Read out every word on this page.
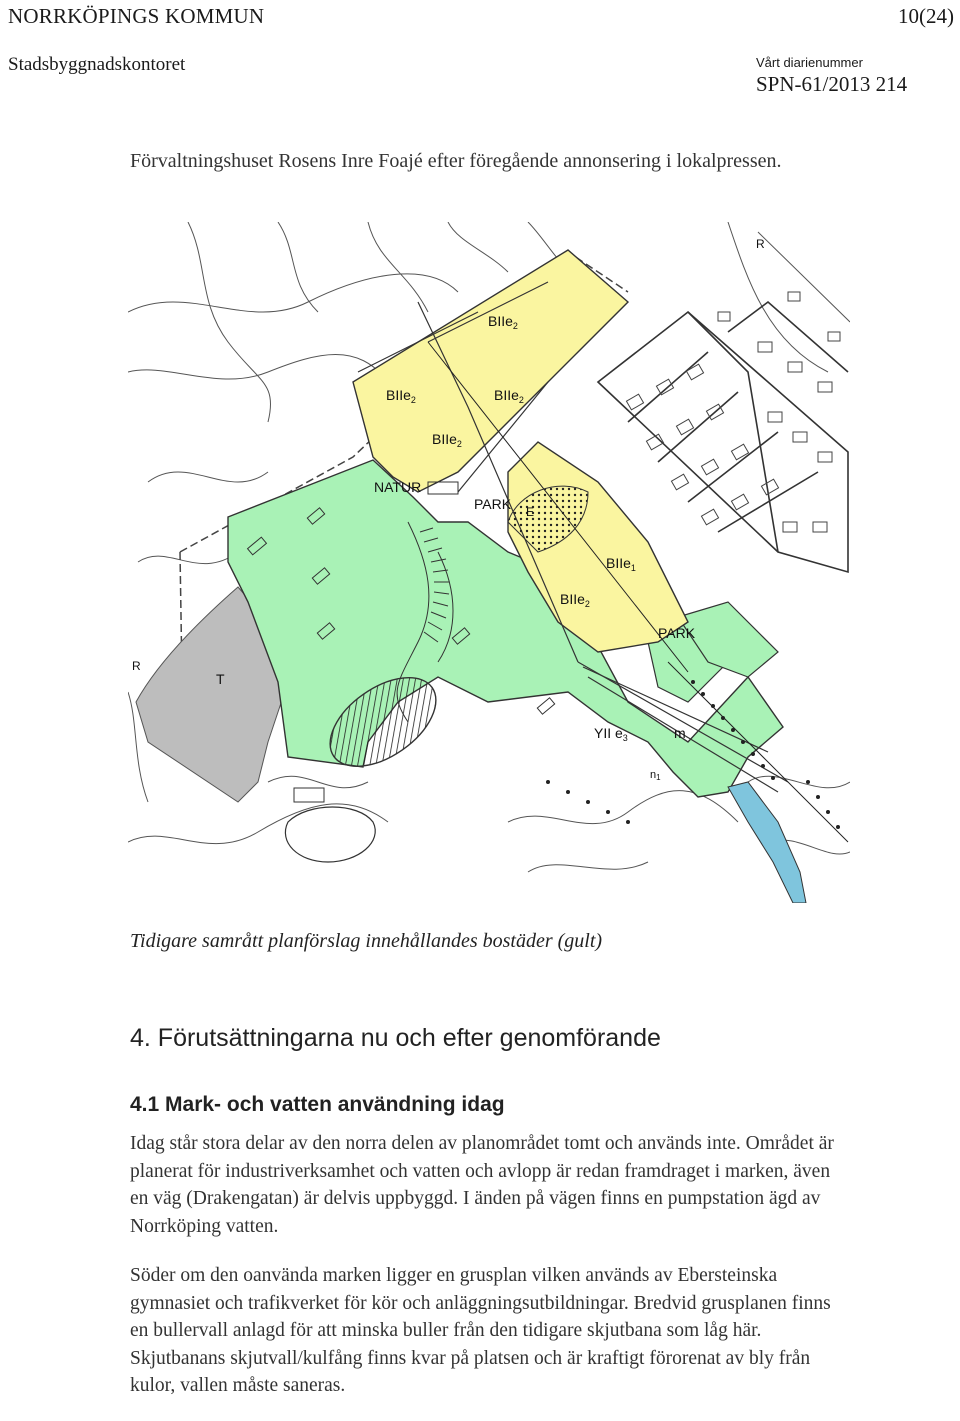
NORRKÖPINGS KOMMUN	10(24)
Stadsbyggnadskontoret	Vårt diarienummer
SPN-61/2013 214
Förvaltningshuset Rosens Inre Foajé efter föregående annonsering i lokalpressen.
BIIe$_2$
BIIe$_2$	BIIe$_2$
BIIe$_2$
BIIe$_1$
BIIe$_2$
NATUR
PARK
PARK
E
T
YII $e_3$	m
n1
R
R
Tidigare samrått planförslag innehållandes bostäder (gult)
4. Förutsättningarna nu och efter genomförande
4.1 Mark- och vatten användning idag
Idag står stora delar av den norra delen av planområdet tomt och används inte. Området är planerat för industriverksamhet och vatten och avlopp är redan framdraget i marken, även en väg (Drakengatan) är delvis uppbyggd. I änden på vägen finns en pumpstation ägd av Norrköping vatten.
Söder om den oanvända marken ligger en grusplan vilken används av Ebersteinska gymnasiet och trafikverket för kör och anläggningsutbildningar. Bredvid grusplanen finns en bullervall anlagd för att minska buller från den tidigare skjutbana som låg här. Skjutbanans skjutvall/kulfång finns kvar på platsen och är kraftigt förorenat av bly från kulor, vallen måste saneras.
